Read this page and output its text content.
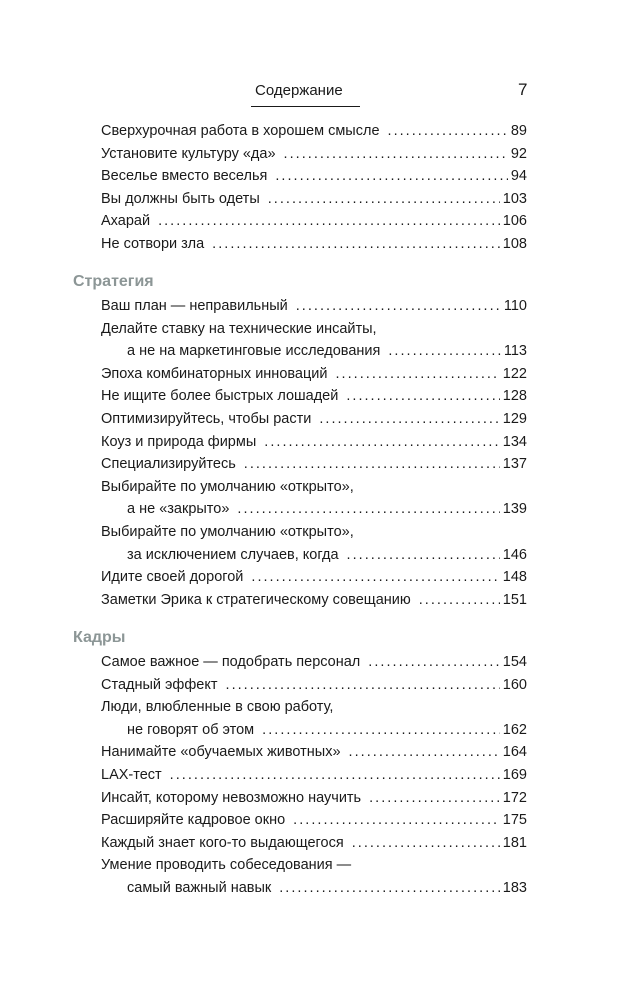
Содержание	7
Сверхурочная работа в хорошем смысле . . .	89
Установите культуру «да» . . .	92
Веселье вместо веселья . . .	94
Вы должны быть одеты . . .	103
Ахарай . . .	106
Не сотвори зла . . .	108
Стратегия
Ваш план — неправильный . . .	110
Делайте ставку на технические инсайты,
а не на маркетинговые исследования . . .	113
Эпоха комбинаторных инноваций . . .	122
Не ищите более быстрых лошадей . . .	128
Оптимизируйтесь, чтобы расти . . .	129
Коуз и природа фирмы . . .	134
Специализируйтесь . . .	137
Выбирайте по умолчанию «открыто»,
а не «закрыто» . . .	139
Выбирайте по умолчанию «открыто»,
за исключением случаев, когда . . .	146
Идите своей дорогой . . .	148
Заметки Эрика к стратегическому совещанию . . .	151
Кадры
Самое важное — подобрать персонал . . .	154
Стадный эффект . . .	160
Люди, влюбленные в свою работу,
не говорят об этом . . .	162
Нанимайте «обучаемых животных» . . .	164
LAX-тест . . .	169
Инсайт, которому невозможно научить . . .	172
Расширяйте кадровое окно . . .	175
Каждый знает кого-то выдающегося . . .	181
Умение проводить собеседования —
самый важный навык . . .	183
